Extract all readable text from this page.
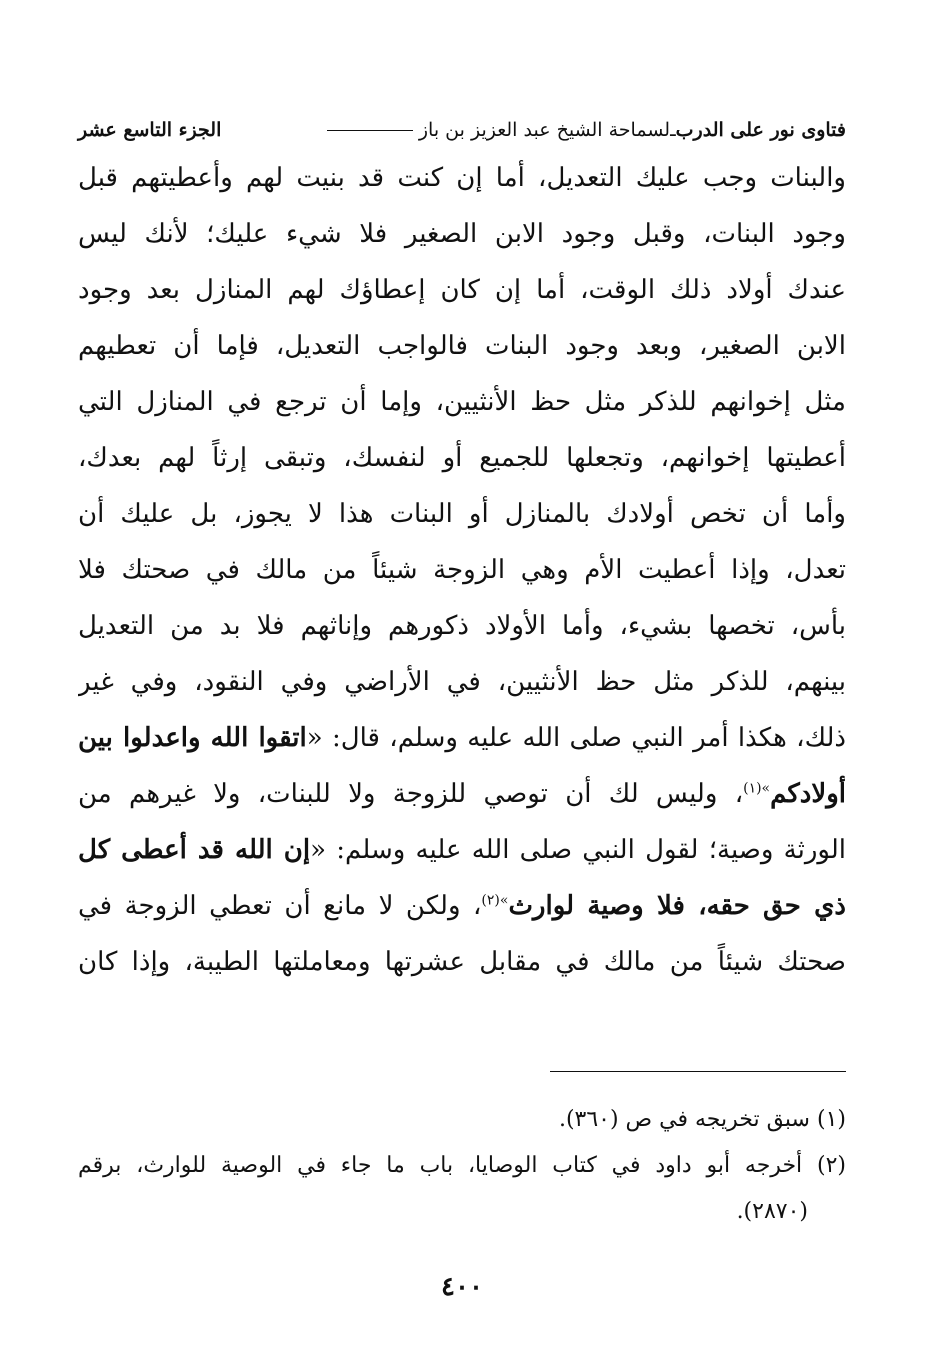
فتاوى نور على الدرب
ـ
لسماحة الشيخ عبد العزيز بن باز
الجزء التاسع عشر
والبنات وجب عليك التعديل، أما إن كنت قد بنيت لهم وأعطيتهم قبل
وجود البنات، وقبل وجود الابن الصغير فلا شيء عليك؛ لأنك ليس
عندك أولاد ذلك الوقت، أما إن كان إعطاؤك لهم المنازل بعد وجود
الابن الصغير، وبعد وجود البنات فالواجب التعديل، فإما أن تعطيهم
مثل إخوانهم للذكر مثل حظ الأنثيين، وإما أن ترجع في المنازل التي
أعطيتها إخوانهم، وتجعلها للجميع أو لنفسك، وتبقى إرثاً لهم بعدك،
وأما أن تخص أولادك بالمنازل أو البنات هذا لا يجوز، بل عليك أن
تعدل، وإذا أعطيت الأم وهي الزوجة شيئاً من مالك في صحتك فلا
بأس، تخصها بشيء، وأما الأولاد ذكورهم وإناثهم فلا بد من التعديل
بينهم، للذكر مثل حظ الأنثيين، في الأراضي وفي النقود، وفي غير
ذلك، هكذا أمر النبي صلى الله عليه وسلم، قال: «اتقوا الله واعدلوا بين
أولادكم$^{»(١)}$، وليس لك أن توصي للزوجة ولا للبنات، ولا غيرهم من
الورثة وصية؛ لقول النبي صلى الله عليه وسلم: «إن الله قد أعطى كل
ذي حق حقه، فلا وصية لوارث$^{»(٢)}$، ولكن لا مانع أن تعطي الزوجة في
صحتك شيئاً من مالك في مقابل عشرتها ومعاملتها الطيبة، وإذا كان
(١) سبق تخريجه في ص (٣٦٠).
(٢) أخرجه أبو داود في كتاب الوصايا، باب ما جاء في الوصية للوارث، برقم
(٢٨٧٠).
٤٠٠
